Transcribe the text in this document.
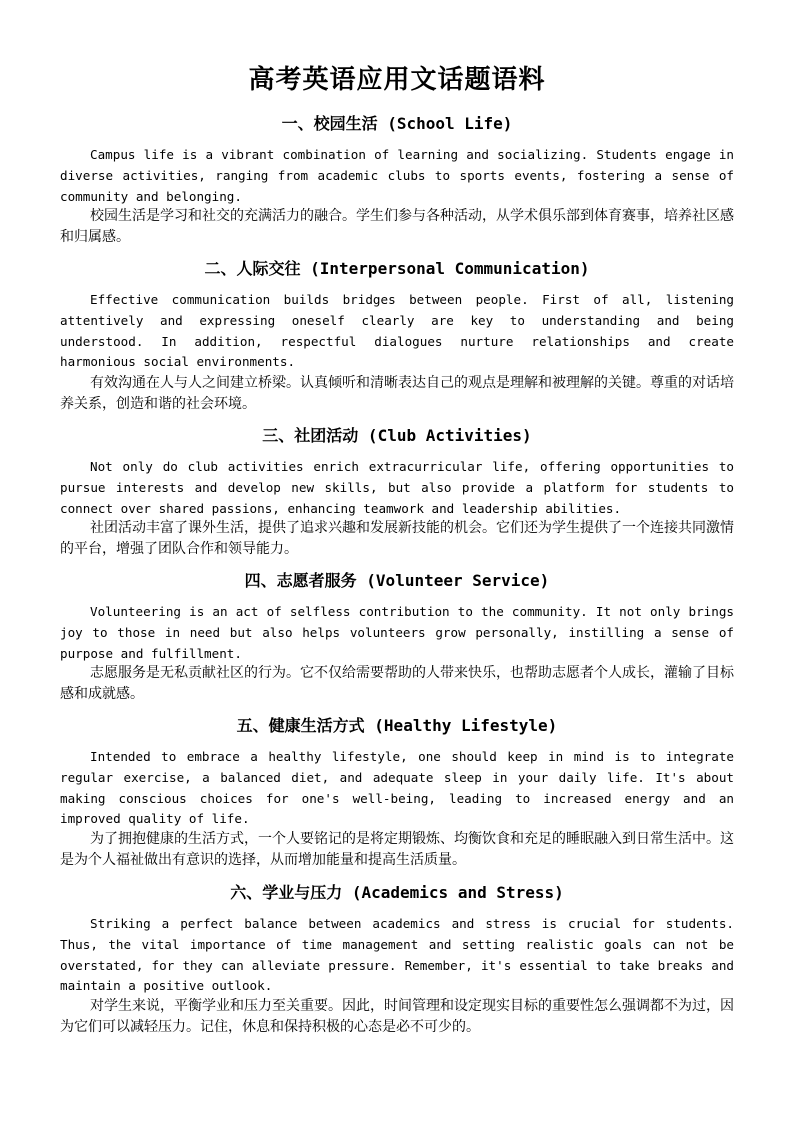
高考英语应用文话题语料
一、校园生活 (School Life)

Campus life is a vibrant combination of learning and socializing. Students engage in diverse activities, ranging from academic clubs to sports events, fostering a sense of community and belonging.

校园生活是学习和社交的充满活力的融合。学生们参与各种活动，从学术俱乐部到体育赛事，培养社区感和归属感。

二、人际交往 (Interpersonal Communication)

Effective communication builds bridges between people. First of all, listening attentively and expressing oneself clearly are key to understanding and being understood. In addition, respectful dialogues nurture relationships and create harmonious social environments.

有效沟通在人与人之间建立桥梁。认真倾听和清晰表达自己的观点是理解和被理解的关键。尊重的对话培养关系，创造和谐的社会环境。

三、社团活动 (Club Activities)

Not only do club activities enrich extracurricular life, offering opportunities to pursue interests and develop new skills, but also provide a platform for students to connect over shared passions, enhancing teamwork and leadership abilities.

社团活动丰富了课外生活，提供了追求兴趣和发展新技能的机会。它们还为学生提供了一个连接共同激情的平台，增强了团队合作和领导能力。

四、志愿者服务 (Volunteer Service)

Volunteering is an act of selfless contribution to the community. It not only brings joy to those in need but also helps volunteers grow personally, instilling a sense of purpose and fulfillment.

志愿服务是无私贡献社区的行为。它不仅给需要帮助的人带来快乐，也帮助志愿者个人成长，灌输了目标感和成就感。

五、健康生活方式 (Healthy Lifestyle)

Intended to embrace a healthy lifestyle, one should keep in mind is to integrate regular exercise, a balanced diet, and adequate sleep in your daily life. It's about making conscious choices for one's well-being, leading to increased energy and an improved quality of life.

为了拥抱健康的生活方式，一个人要铭记的是将定期锻炼、均衡饮食和充足的睡眠融入到日常生活中。这是为个人福祉做出有意识的选择，从而增加能量和提高生活质量。

六、学业与压力 (Academics and Stress)

Striking a perfect balance between academics and stress is crucial for students. Thus, the vital importance of time management and setting realistic goals can not be overstated, for they can alleviate pressure. Remember, it's essential to take breaks and maintain a positive outlook.

对学生来说，平衡学业和压力至关重要。因此，时间管理和设定现实目标的重要性怎么强调都不为过，因为它们可以减轻压力。记住，休息和保持积极的心态是必不可少的。
